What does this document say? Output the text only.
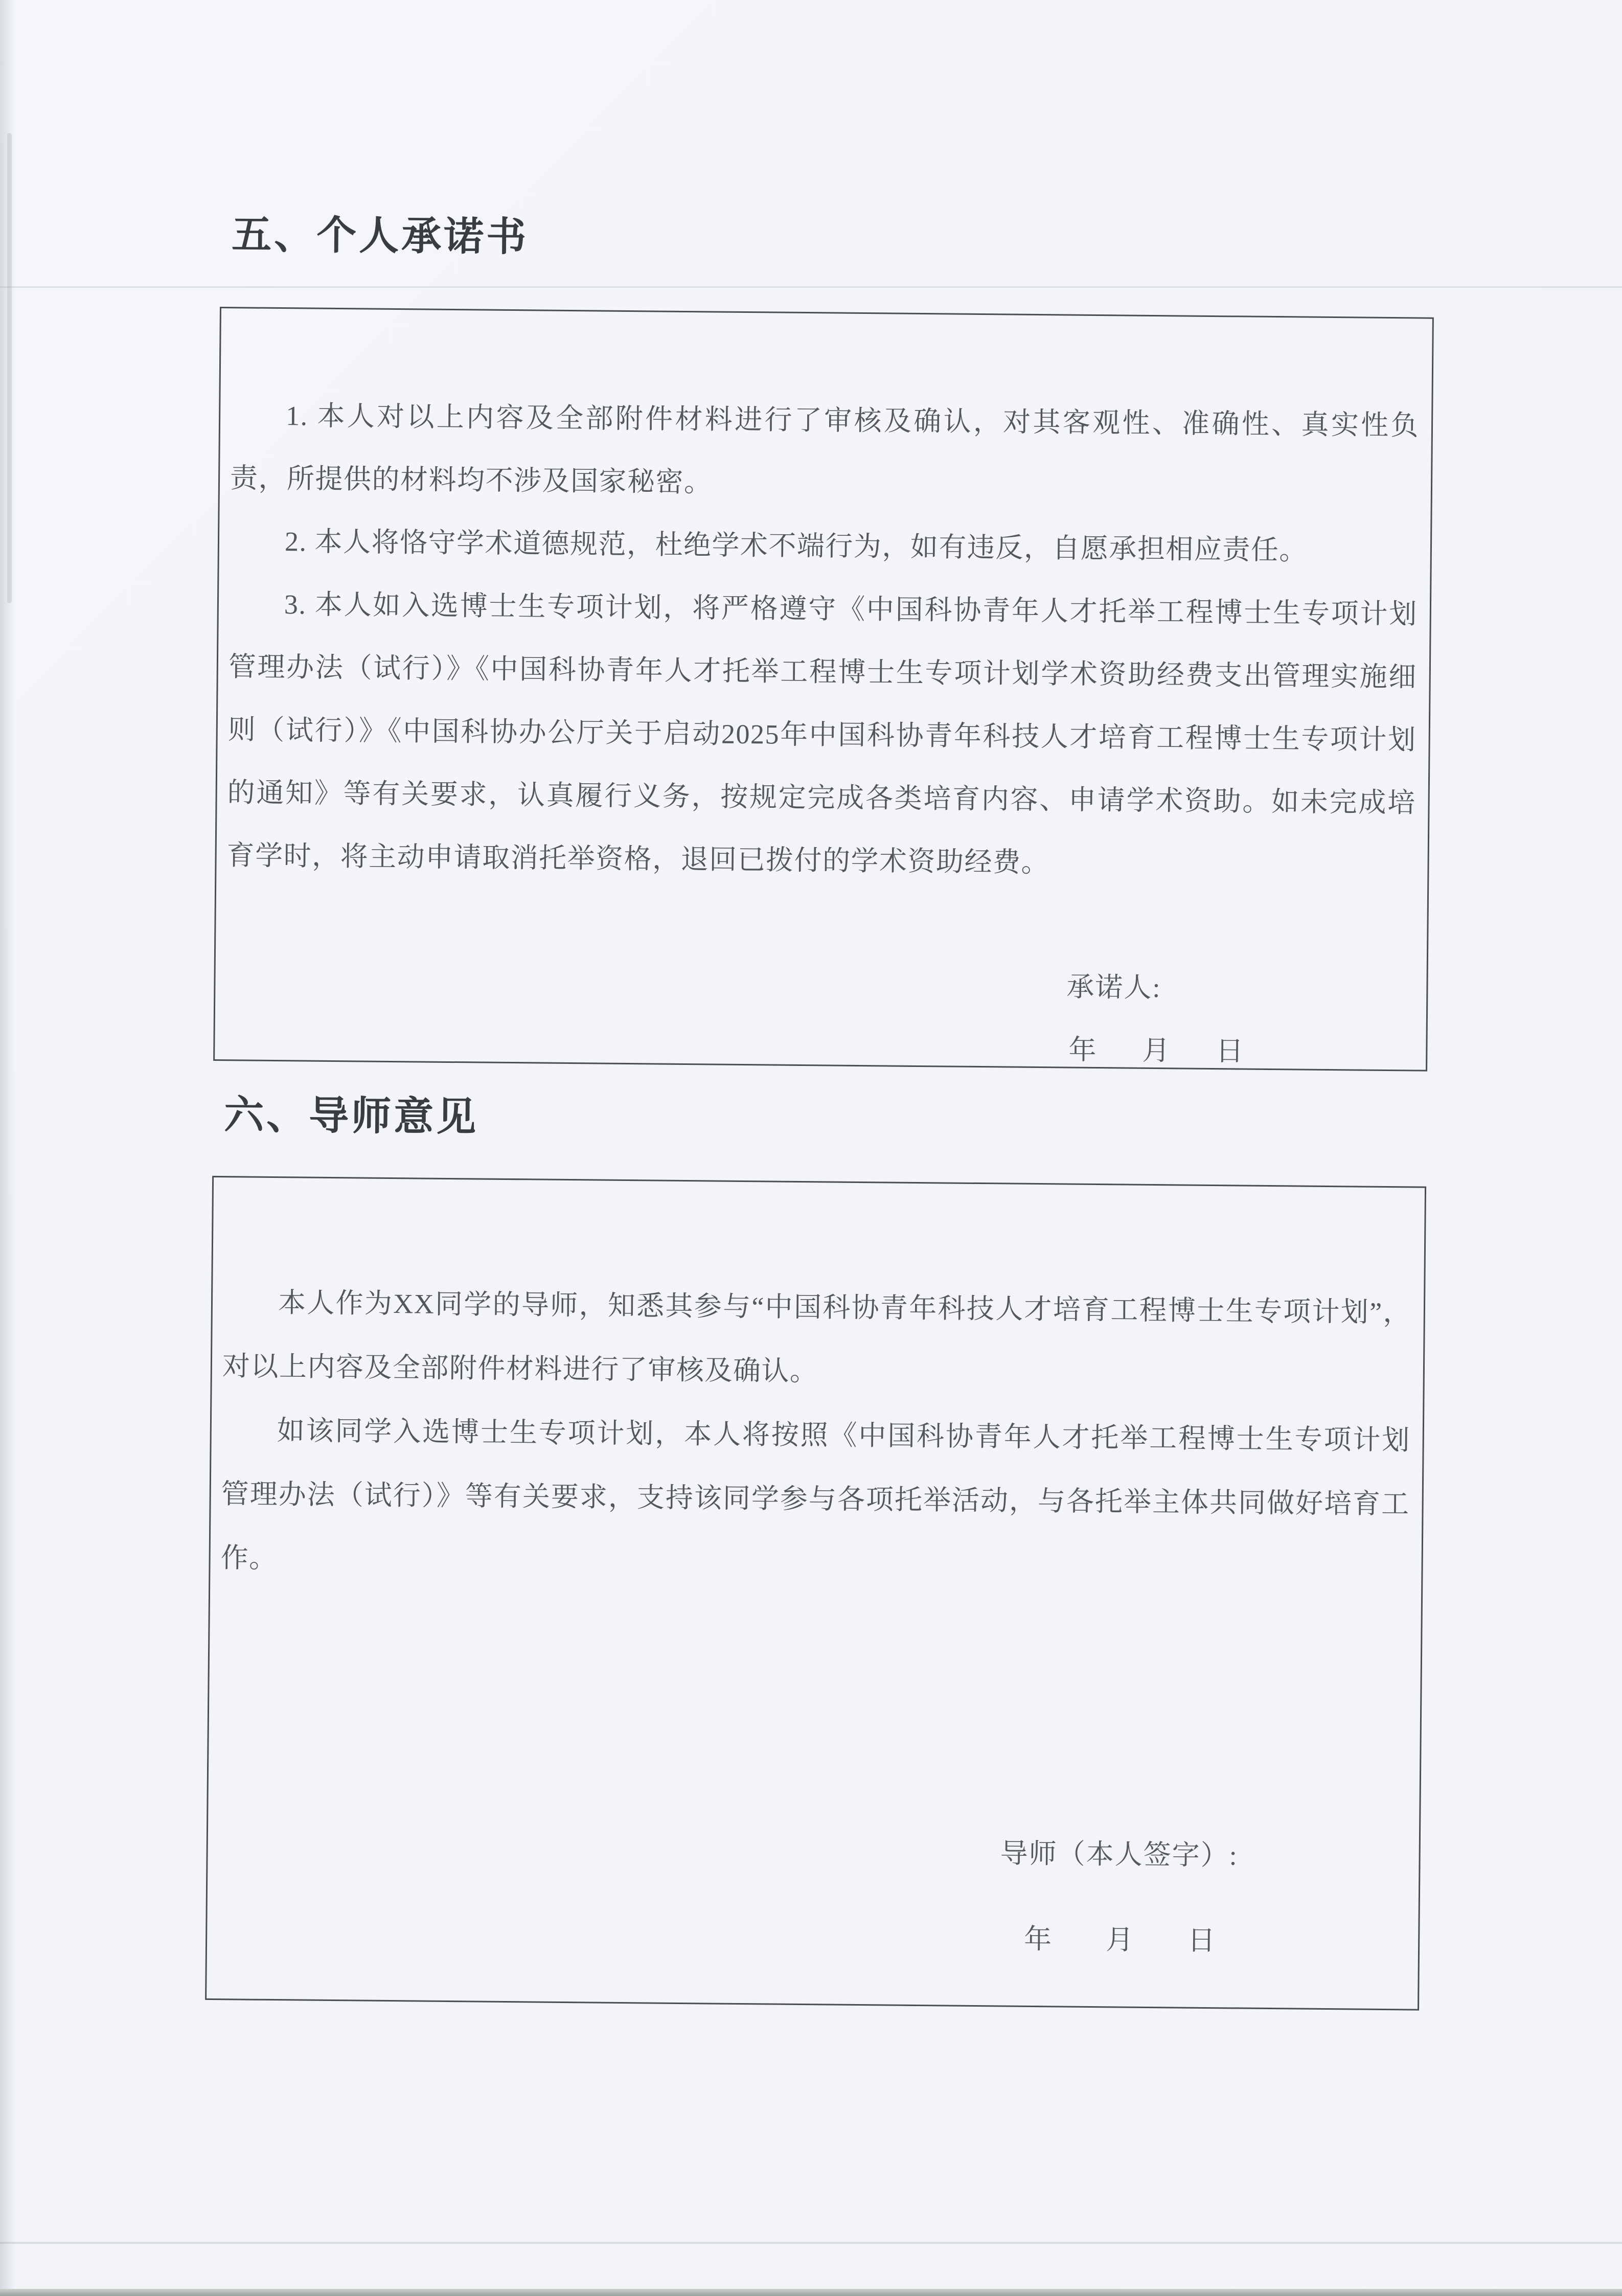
五、个人承诺书

1. 本人对以上内容及全部附件材料进行了审核及确认，对其客观性、准确性、真实性负责，所提供的材料均不涉及国家秘密。

2. 本人将恪守学术道德规范，杜绝学术不端行为，如有违反，自愿承担相应责任。

3. 本人如入选博士生专项计划，将严格遵守《中国科协青年人才托举工程博士生专项计划管理办法（试行）》《中国科协青年人才托举工程博士生专项计划学术资助经费支出管理实施细则（试行）》《中国科协办公厅关于启动2025年中国科协青年科技人才培育工程博士生专项计划的通知》等有关要求，认真履行义务，按规定完成各类培育内容、申请学术资助。如未完成培育学时，将主动申请取消托举资格，退回已拨付的学术资助经费。

承诺人:
年 月 日
六、导师意见

本人作为XX同学的导师，知悉其参与“中国科协青年科技人才培育工程博士生专项计划”，对以上内容及全部附件材料进行了审核及确认。

如该同学入选博士生专项计划，本人将按照《中国科协青年人才托举工程博士生专项计划管理办法（试行）》等有关要求，支持该同学参与各项托举活动，与各托举主体共同做好培育工作。

导师（本人签字）:
年 月 日
